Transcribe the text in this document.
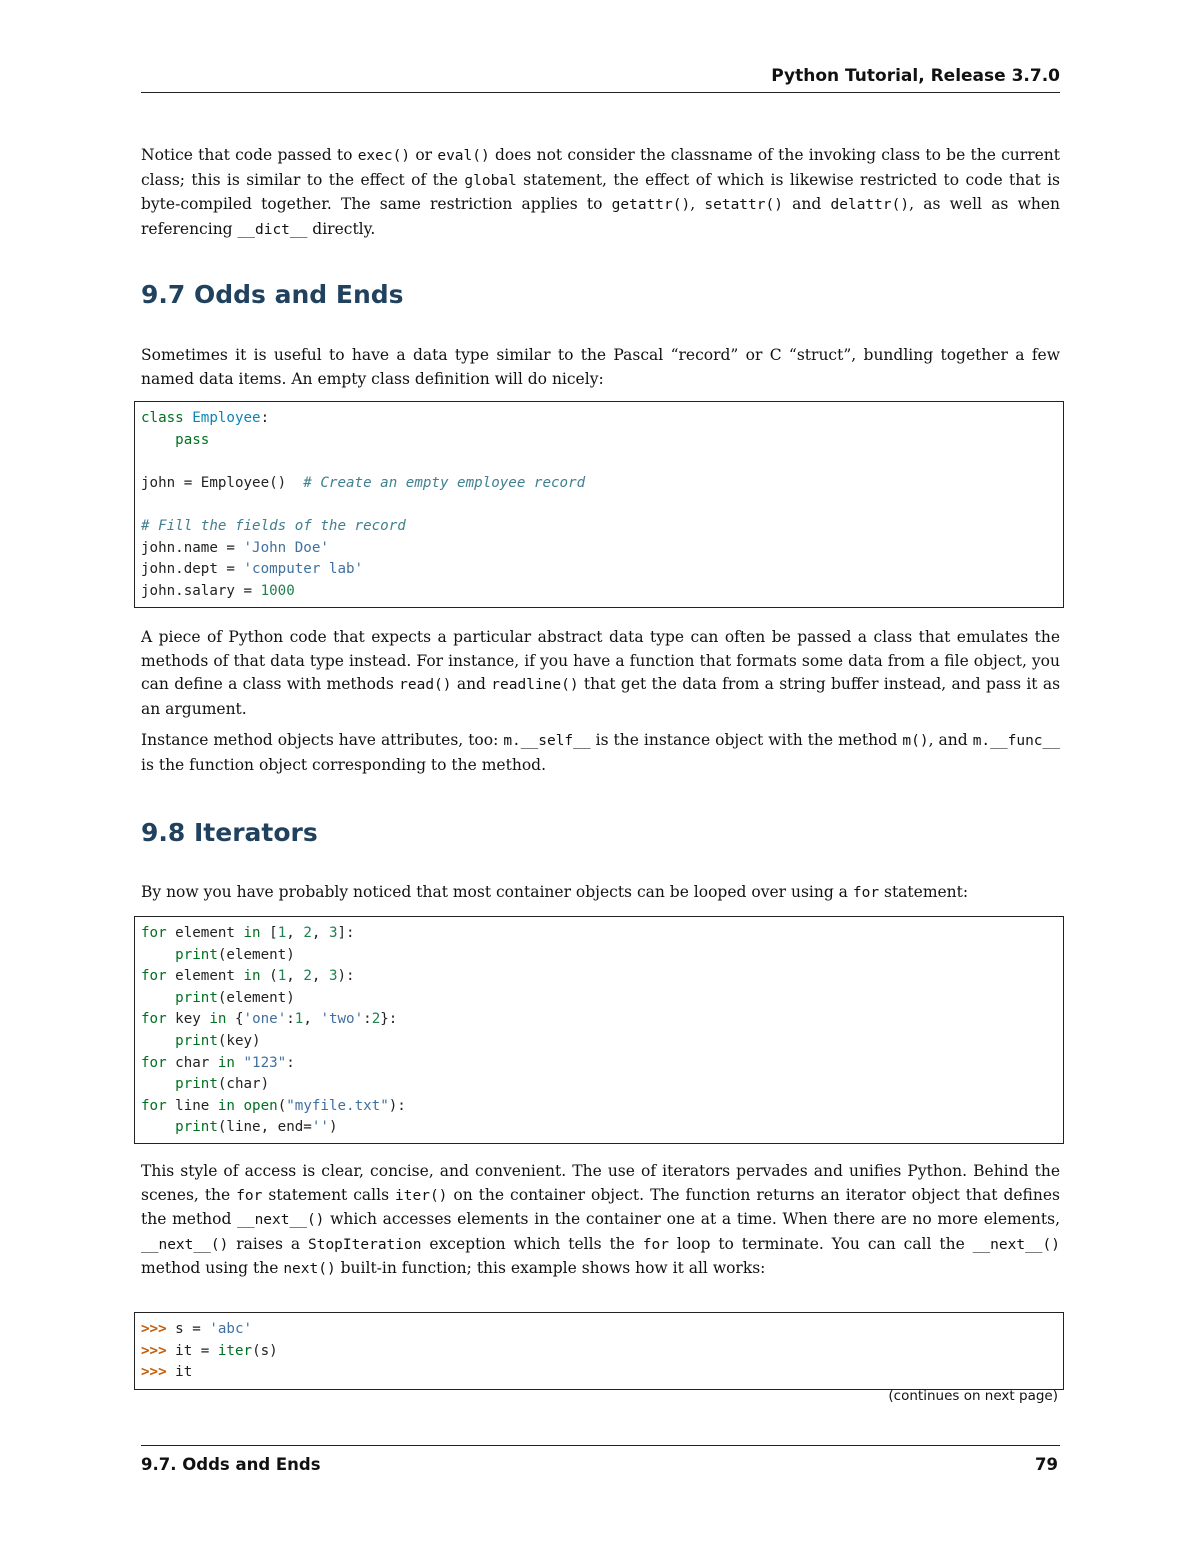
Python Tutorial, Release 3.7.0

Notice that code passed to exec() or eval() does not consider the classname of the invoking class to be the current class; this is similar to the effect of the global statement, the effect of which is likewise restricted to code that is byte-compiled together. The same restriction applies to getattr(), setattr() and delattr(), as well as when referencing __dict__ directly.

9.7 Odds and Ends

Sometimes it is useful to have a data type similar to the Pascal “record” or C “struct”, bundling together a few named data items. An empty class definition will do nicely:

class Employee:
pass

john = Employee()  # Create an empty employee record

# Fill the fields of the record
john.name = 'John Doe'
john.dept = 'computer lab'
john.salary = 1000

A piece of Python code that expects a particular abstract data type can often be passed a class that emulates the methods of that data type instead. For instance, if you have a function that formats some data from a file object, you can define a class with methods read() and readline() that get the data from a string buffer instead, and pass it as an argument.

Instance method objects have attributes, too: m.__self__ is the instance object with the method m(), and m.__func__ is the function object corresponding to the method.

9.8 Iterators

By now you have probably noticed that most container objects can be looped over using a for statement:

for element in [1, 2, 3]:
print(element)
for element in (1, 2, 3):
print(element)
for key in {'one':1, 'two':2}:
print(key)
for char in "123":
print(char)
for line in open("myfile.txt"):
print(line, end='')

This style of access is clear, concise, and convenient. The use of iterators pervades and unifies Python. Behind the scenes, the for statement calls iter() on the container object. The function returns an iterator object that defines the method __next__() which accesses elements in the container one at a time. When there are no more elements, __next__() raises a StopIteration exception which tells the for loop to terminate. You can call the __next__() method using the next() built-in function; this example shows how it all works:

>>> s = 'abc'
>>> it = iter(s)
>>> it
(continues on next page)
9.7. Odds and Ends	79
